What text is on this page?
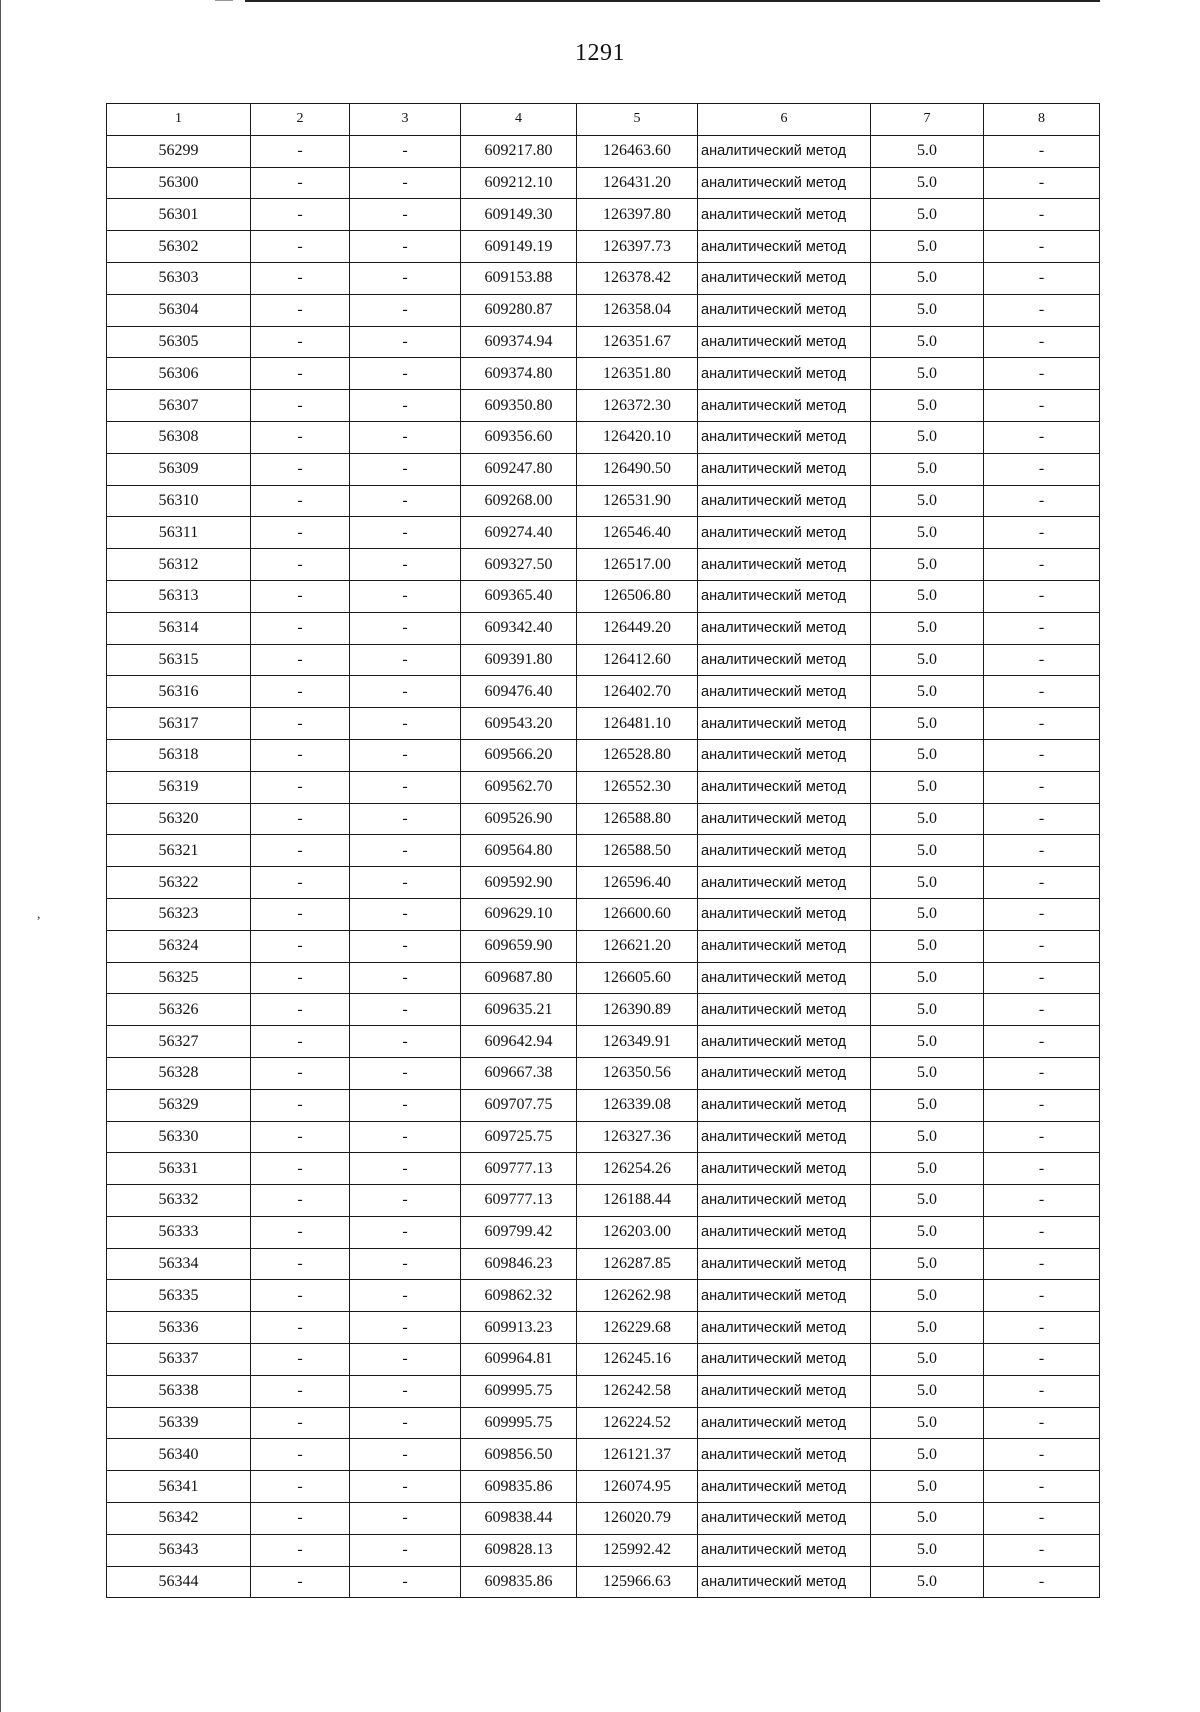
1291
,
1	2	3	4	5	6	7	8
56299	-	-	609217.80	126463.60	аналитический метод	5.0	-
56300	-	-	609212.10	126431.20	аналитический метод	5.0	-
56301	-	-	609149.30	126397.80	аналитический метод	5.0	-
56302	-	-	609149.19	126397.73	аналитический метод	5.0	-
56303	-	-	609153.88	126378.42	аналитический метод	5.0	-
56304	-	-	609280.87	126358.04	аналитический метод	5.0	-
56305	-	-	609374.94	126351.67	аналитический метод	5.0	-
56306	-	-	609374.80	126351.80	аналитический метод	5.0	-
56307	-	-	609350.80	126372.30	аналитический метод	5.0	-
56308	-	-	609356.60	126420.10	аналитический метод	5.0	-
56309	-	-	609247.80	126490.50	аналитический метод	5.0	-
56310	-	-	609268.00	126531.90	аналитический метод	5.0	-
56311	-	-	609274.40	126546.40	аналитический метод	5.0	-
56312	-	-	609327.50	126517.00	аналитический метод	5.0	-
56313	-	-	609365.40	126506.80	аналитический метод	5.0	-
56314	-	-	609342.40	126449.20	аналитический метод	5.0	-
56315	-	-	609391.80	126412.60	аналитический метод	5.0	-
56316	-	-	609476.40	126402.70	аналитический метод	5.0	-
56317	-	-	609543.20	126481.10	аналитический метод	5.0	-
56318	-	-	609566.20	126528.80	аналитический метод	5.0	-
56319	-	-	609562.70	126552.30	аналитический метод	5.0	-
56320	-	-	609526.90	126588.80	аналитический метод	5.0	-
56321	-	-	609564.80	126588.50	аналитический метод	5.0	-
56322	-	-	609592.90	126596.40	аналитический метод	5.0	-
56323	-	-	609629.10	126600.60	аналитический метод	5.0	-
56324	-	-	609659.90	126621.20	аналитический метод	5.0	-
56325	-	-	609687.80	126605.60	аналитический метод	5.0	-
56326	-	-	609635.21	126390.89	аналитический метод	5.0	-
56327	-	-	609642.94	126349.91	аналитический метод	5.0	-
56328	-	-	609667.38	126350.56	аналитический метод	5.0	-
56329	-	-	609707.75	126339.08	аналитический метод	5.0	-
56330	-	-	609725.75	126327.36	аналитический метод	5.0	-
56331	-	-	609777.13	126254.26	аналитический метод	5.0	-
56332	-	-	609777.13	126188.44	аналитический метод	5.0	-
56333	-	-	609799.42	126203.00	аналитический метод	5.0	-
56334	-	-	609846.23	126287.85	аналитический метод	5.0	-
56335	-	-	609862.32	126262.98	аналитический метод	5.0	-
56336	-	-	609913.23	126229.68	аналитический метод	5.0	-
56337	-	-	609964.81	126245.16	аналитический метод	5.0	-
56338	-	-	609995.75	126242.58	аналитический метод	5.0	-
56339	-	-	609995.75	126224.52	аналитический метод	5.0	-
56340	-	-	609856.50	126121.37	аналитический метод	5.0	-
56341	-	-	609835.86	126074.95	аналитический метод	5.0	-
56342	-	-	609838.44	126020.79	аналитический метод	5.0	-
56343	-	-	609828.13	125992.42	аналитический метод	5.0	-
56344	-	-	609835.86	125966.63	аналитический метод	5.0	-
